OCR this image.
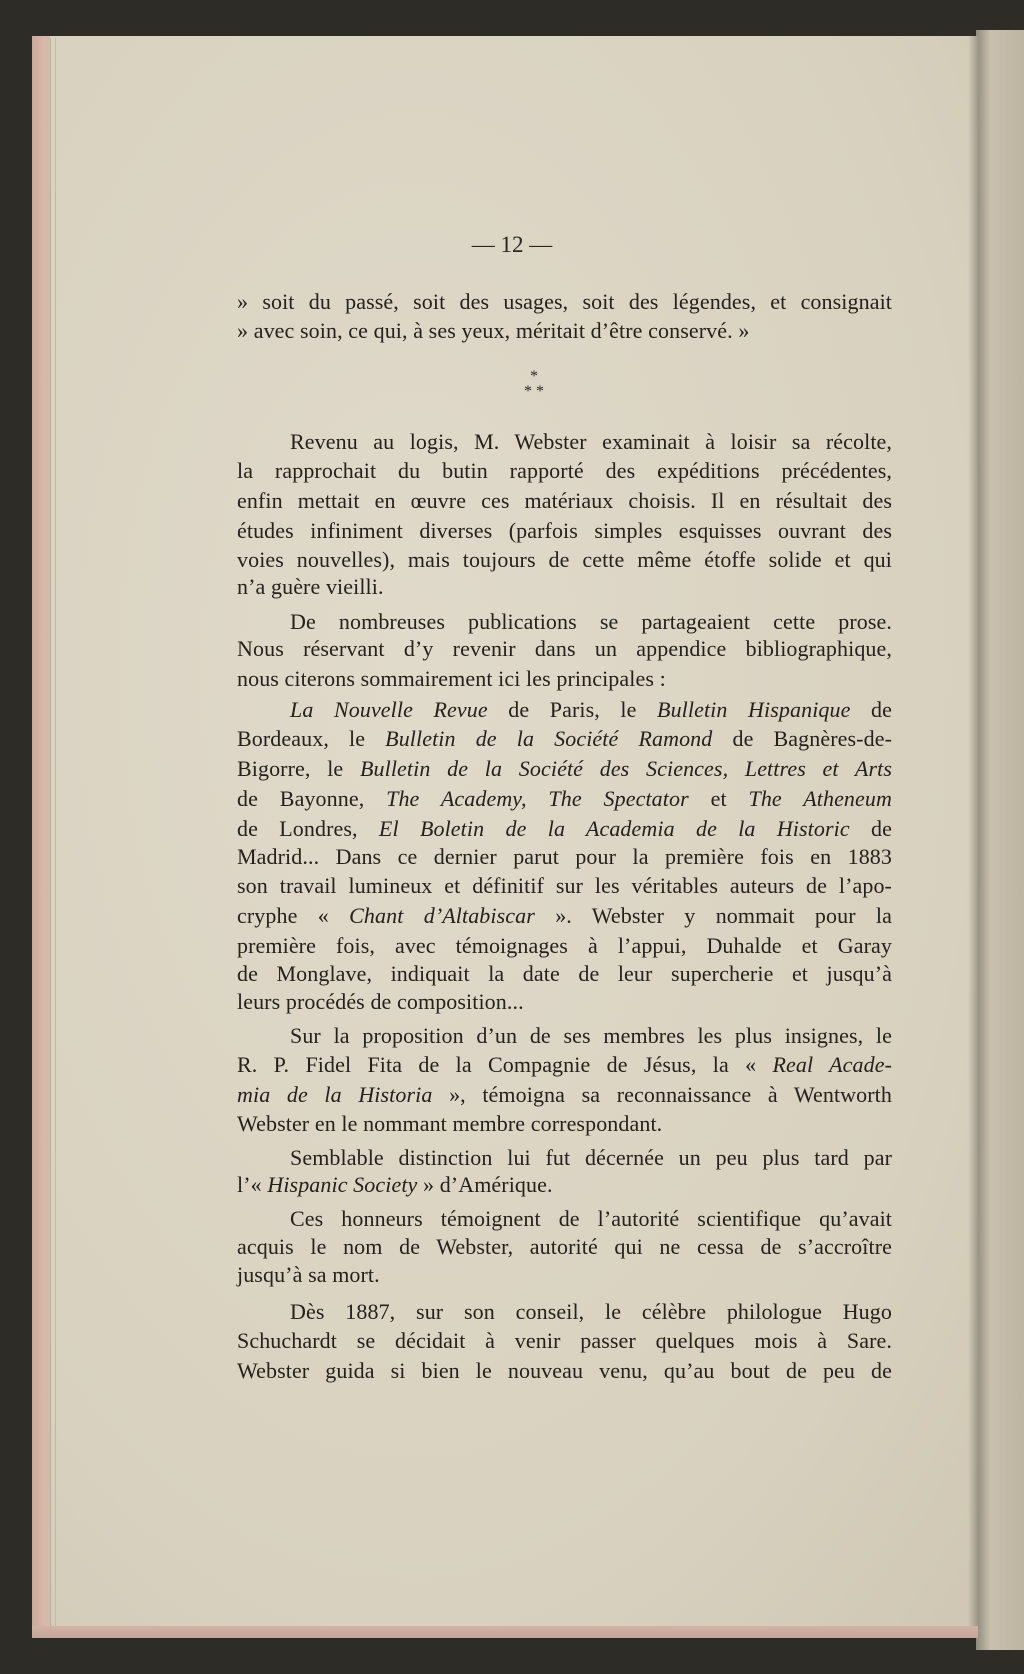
— 12 —
*
* *
» soit du passé, soit des usages, soit des légendes, et consignait
» avec soin, ce qui, à ses yeux, méritait d’être conservé. »
Revenu au logis, M. Webster examinait à loisir sa récolte,
la rapprochait du butin rapporté des expéditions précédentes,
enfin mettait en œuvre ces matériaux choisis. Il en résultait des
études infiniment diverses (parfois simples esquisses ouvrant des
voies nouvelles), mais toujours de cette même étoffe solide et qui
n’a guère vieilli.
De nombreuses publications se partageaient cette prose.
Nous réservant d’y revenir dans un appendice bibliographique,
nous citerons sommairement ici les principales :
La Nouvelle Revue de Paris, le Bulletin Hispanique de
Bordeaux, le Bulletin de la Société Ramond de Bagnères-de-
Bigorre, le Bulletin de la Société des Sciences, Lettres et Arts
de Bayonne, The Academy, The Spectator et The Atheneum
de Londres, El Boletin de la Academia de la Historic de
Madrid... Dans ce dernier parut pour la première fois en 1883
son travail lumineux et définitif sur les véritables auteurs de l’apo-
cryphe « Chant d’Altabiscar ». Webster y nommait pour la
première fois, avec témoignages à l’appui, Duhalde et Garay
de Monglave, indiquait la date de leur supercherie et jusqu’à
leurs procédés de composition...
Sur la proposition d’un de ses membres les plus insignes, le
R. P. Fidel Fita de la Compagnie de Jésus, la « Real Acade-
mia de la Historia », témoigna sa reconnaissance à Wentworth
Webster en le nommant membre correspondant.
Semblable distinction lui fut décernée un peu plus tard par
l’« Hispanic Society » d’Amérique.
Ces honneurs témoignent de l’autorité scientifique qu’avait
acquis le nom de Webster, autorité qui ne cessa de s’accroître
jusqu’à sa mort.
Dès 1887, sur son conseil, le célèbre philologue Hugo
Schuchardt se décidait à venir passer quelques mois à Sare.
Webster guida si bien le nouveau venu, qu’au bout de peu de
